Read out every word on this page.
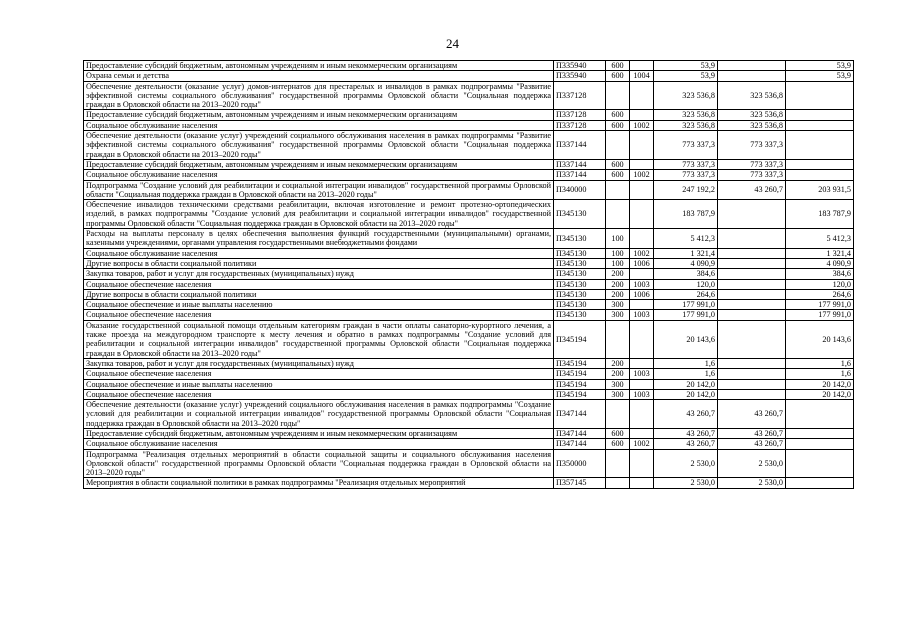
24
Предоставление субсидий бюджетным, автономным учреждениям и иным некоммерческим организациям	П335940	600		53,9		53,9
Охрана семьи и детства	П335940	600	1004	53,9		53,9
Обеспечение деятельности (оказание услуг) домов-интернатов для престарелых и инвалидов в рамках подпрограммы "Развитие эффективной системы социального обслуживания" государственной программы Орловской области "Социальная поддержка граждан в Орловской области на 2013–2020 годы"	П337128			323 536,8	323 536,8	
Предоставление субсидий бюджетным, автономным учреждениям и иным некоммерческим организациям	П337128	600		323 536,8	323 536,8	
Социальное обслуживание населения	П337128	600	1002	323 536,8	323 536,8	
Обеспечение деятельности (оказание услуг) учреждений социального обслуживания населения в рамках подпрограммы "Развитие эффективной системы социального обслуживания" государственной программы Орловской области "Социальная поддержка граждан в Орловской области на 2013–2020 годы"	П337144			773 337,3	773 337,3	
Предоставление субсидий бюджетным, автономным учреждениям и иным некоммерческим организациям	П337144	600		773 337,3	773 337,3	
Социальное обслуживание населения	П337144	600	1002	773 337,3	773 337,3	
Подпрограмма "Создание условий для реабилитации и социальной интеграции инвалидов" государственной программы Орловской области "Социальная поддержка граждан в Орловской области на 2013–2020 годы"	П340000			247 192,2	43 260,7	203 931,5
Обеспечение инвалидов техническими средствами реабилитации, включая изготовление и ремонт протезно-ортопедических изделий, в рамках подпрограммы "Создание условий для реабилитации и социальной интеграции инвалидов" государственной программы Орловской области "Социальная поддержка граждан в Орловской области на 2013–2020 годы"	П345130			183 787,9		183 787,9
Расходы на выплаты персоналу в целях обеспечения выполнения функций государственными (муниципальными) органами, казенными учреждениями, органами управления государственными внебюджетными фондами	П345130	100		5 412,3		5 412,3
Социальное обслуживание населения	П345130	100	1002	1 321,4		1 321,4
Другие вопросы в области социальной политики	П345130	100	1006	4 090,9		4 090,9
Закупка товаров, работ и услуг для государственных (муниципальных) нужд	П345130	200		384,6		384,6
Социальное обеспечение населения	П345130	200	1003	120,0		120,0
Другие вопросы в области социальной политики	П345130	200	1006	264,6		264,6
Социальное обеспечение и иные выплаты населению	П345130	300		177 991,0		177 991,0
Социальное обеспечение населения	П345130	300	1003	177 991,0		177 991,0
Оказание государственной социальной помощи отдельным категориям граждан в части оплаты санаторно-курортного лечения, а также проезда на междугородном транспорте к месту лечения и обратно в рамках подпрограммы "Создание условий для реабилитации и социальной интеграции инвалидов" государственной программы Орловской области "Социальная поддержка граждан в Орловской области на 2013–2020 годы"	П345194			20 143,6		20 143,6
Закупка товаров, работ и услуг для государственных (муниципальных) нужд	П345194	200		1,6		1,6
Социальное обеспечение населения	П345194	200	1003	1,6		1,6
Социальное обеспечение и иные выплаты населению	П345194	300		20 142,0		20 142,0
Социальное обеспечение населения	П345194	300	1003	20 142,0		20 142,0
Обеспечение деятельности (оказание услуг) учреждений социального обслуживания населения в рамках подпрограммы "Создание условий для реабилитации и социальной интеграции инвалидов" государственной программы Орловской области "Социальная поддержка граждан в Орловской области на 2013–2020 годы"	П347144			43 260,7	43 260,7	
Предоставление субсидий бюджетным, автономным учреждениям и иным некоммерческим организациям	П347144	600		43 260,7	43 260,7	
Социальное обслуживание населения	П347144	600	1002	43 260,7	43 260,7	
Подпрограмма "Реализация отдельных мероприятий в области социальной защиты и социального обслуживания населения Орловской области" государственной программы Орловской области "Социальная поддержка граждан в Орловской области на 2013–2020 годы"	П350000			2 530,0	2 530,0	
Мероприятия в области социальной политики в рамках подпрограммы "Реализация отдельных мероприятий	П357145			2 530,0	2 530,0	
